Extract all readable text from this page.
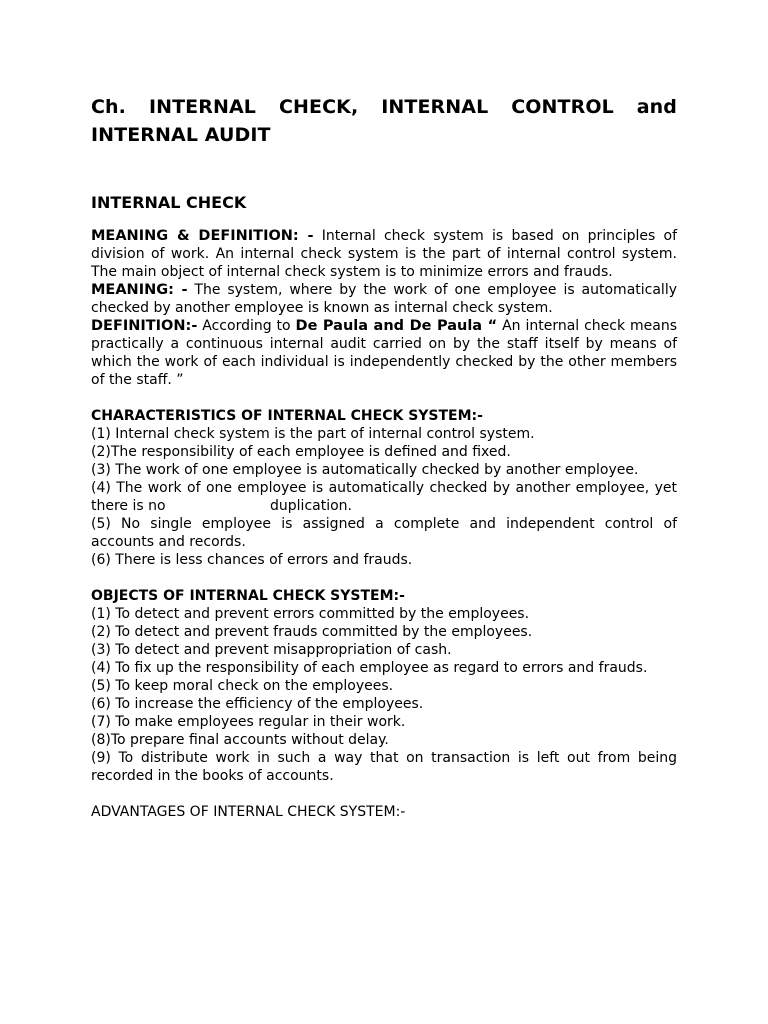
Ch. INTERNAL CHECK, INTERNAL CONTROL and INTERNAL AUDIT
INTERNAL CHECK

MEANING & DEFINITION: - Internal check system is based on principles of division of work. An internal check system is the part of internal control system. The main object of internal check system is to minimize errors and frauds.

MEANING: - The system, where by the work of one employee is automatically checked by another employee is known as internal check system.

DEFINITION:- According to De Paula and De Paula “ An internal check means practically a continuous internal audit carried on by the staff itself by means of which the work of each individual is independently checked by the other members of the staff. ”

CHARACTERISTICS OF INTERNAL CHECK SYSTEM:-
(1) Internal check system is the part of internal control system.
(2)The responsibility of each employee is defined and fixed.
(3) The work of one employee is automatically checked by another employee.
(4) The work of one employee is automatically checked by another employee, yet there is no	duplication.
(5) No single employee is assigned a complete and independent control of accounts and records.
(6) There is less chances of errors and frauds.
OBJECTS OF INTERNAL CHECK SYSTEM:-
(1) To detect and prevent errors committed by the employees.
(2) To detect and prevent frauds committed by the employees.
(3) To detect and prevent misappropriation of cash.
(4) To fix up the responsibility of each employee as regard to errors and frauds.
(5) To keep moral check on the employees.
(6) To increase the efficiency of the employees.
(7) To make employees regular in their work.
(8)To prepare final accounts without delay.
(9) To distribute work in such a way that on transaction is left out from being recorded in the books of accounts.
ADVANTAGES OF INTERNAL CHECK SYSTEM:-
